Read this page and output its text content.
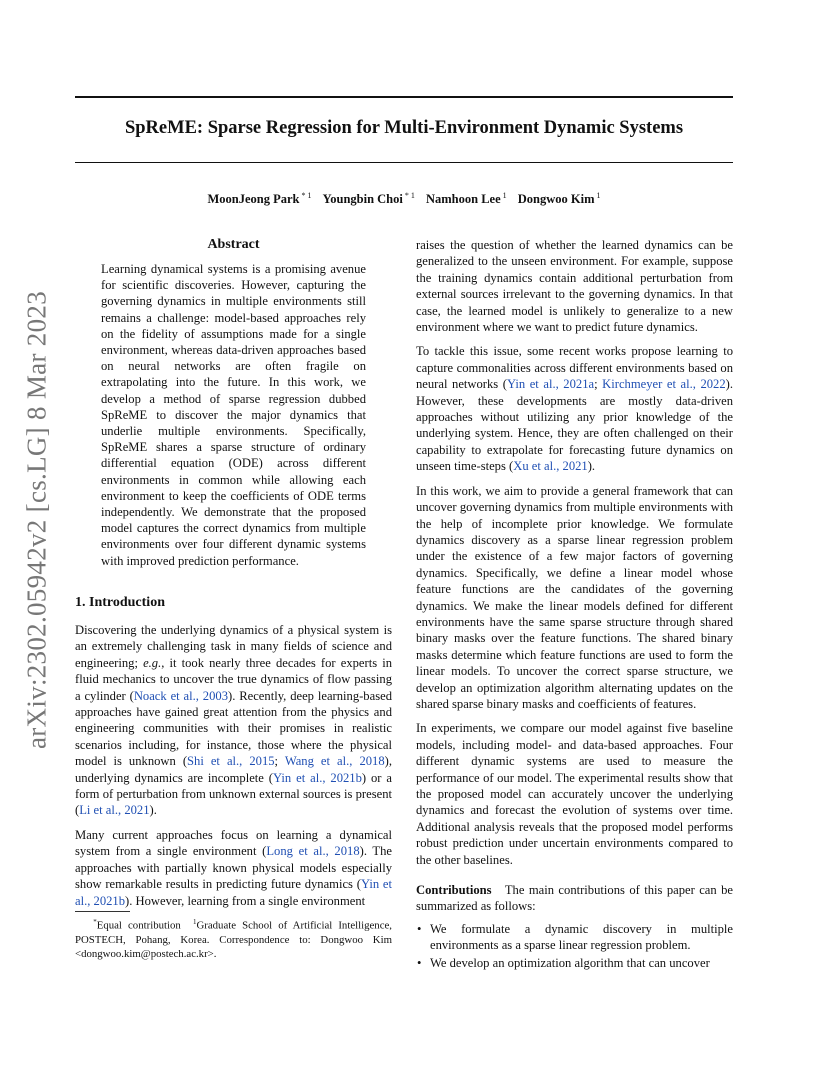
SpReME: Sparse Regression for Multi-Environment Dynamic Systems
MoonJeong Park $^{* 1}$ Youngbin Choi $^{* 1}$ Namhoon Lee $^1$ Dongwoo Kim $^1$
arXiv:2302.05942v2 [cs.LG] 8 Mar 2023
Abstract
Learning dynamical systems is a promising avenue for scientific discoveries. However, capturing the governing dynamics in multiple environments still remains a challenge: model-based approaches rely on the fidelity of assumptions made for a single environment, whereas data-driven approaches based on neural networks are often fragile on extrapolating into the future. In this work, we develop a method of sparse regression dubbed SpReME to discover the major dynamics that underlie multiple environments. Specifically, SpReME shares a sparse structure of ordinary differential equation (ODE) across different environments in common while allowing each environment to keep the coefficients of ODE terms independently. We demonstrate that the proposed model captures the correct dynamics from multiple environments over four different dynamic systems with improved prediction performance.
1. Introduction

Discovering the underlying dynamics of a physical system is an extremely challenging task in many fields of science and engineering; e.g., it took nearly three decades for experts in fluid mechanics to uncover the true dynamics of flow passing a cylinder (Noack et al., 2003). Recently, deep learning-based approaches have gained great attention from the physics and engineering communities with their promises in realistic scenarios including, for instance, those where the physical model is unknown (Shi et al., 2015; Wang et al., 2018), underlying dynamics are incomplete (Yin et al., 2021b) or a form of perturbation from unknown external sources is present (Li et al., 2021).

Many current approaches focus on learning a dynamical system from a single environment (Long et al., 2018). The approaches with partially known physical models especially show remarkable results in predicting future dynamics (Yin et al., 2021b). However, learning from a single environment

*Equal contribution $^1$Graduate School of Artificial Intelligence, POSTECH, Pohang, Korea. Correspondence to: Dongwoo Kim <dongwoo.kim@postech.ac.kr>.

raises the question of whether the learned dynamics can be generalized to the unseen environment. For example, suppose the training dynamics contain additional perturbation from external sources irrelevant to the governing dynamics. In that case, the learned model is unlikely to generalize to a new environment where we want to predict future dynamics.

To tackle this issue, some recent works propose learning to capture commonalities across different environments based on neural networks (Yin et al., 2021a; Kirchmeyer et al., 2022). However, these developments are mostly data-driven approaches without utilizing any prior knowledge of the underlying system. Hence, they are often challenged on their capability to extrapolate for forecasting future dynamics on unseen time-steps (Xu et al., 2021).

In this work, we aim to provide a general framework that can uncover governing dynamics from multiple environments with the help of incomplete prior knowledge. We formulate dynamics discovery as a sparse linear regression problem under the existence of a few major factors of governing dynamics. Specifically, we define a linear model whose feature functions are the candidates of the governing dynamics. We make the linear models defined for different environments have the same sparse structure through shared binary masks over the feature functions. The shared binary masks determine which feature functions are used to form the linear models. To uncover the correct sparse structure, we develop an optimization algorithm alternating updates on the shared sparse binary masks and coefficients of features.

In experiments, we compare our model against five baseline models, including model- and data-based approaches. Four different dynamic systems are used to measure the performance of our model. The experimental results show that the proposed model can accurately uncover the underlying dynamics and forecast the evolution of systems over time. Additional analysis reveals that the proposed model performs robust prediction under uncertain environments compared to the other baselines.

Contributions The main contributions of this paper can be summarized as follows:

• We formulate a dynamic discovery in multiple environments as a sparse linear regression problem.
• We develop an optimization algorithm that can uncover
